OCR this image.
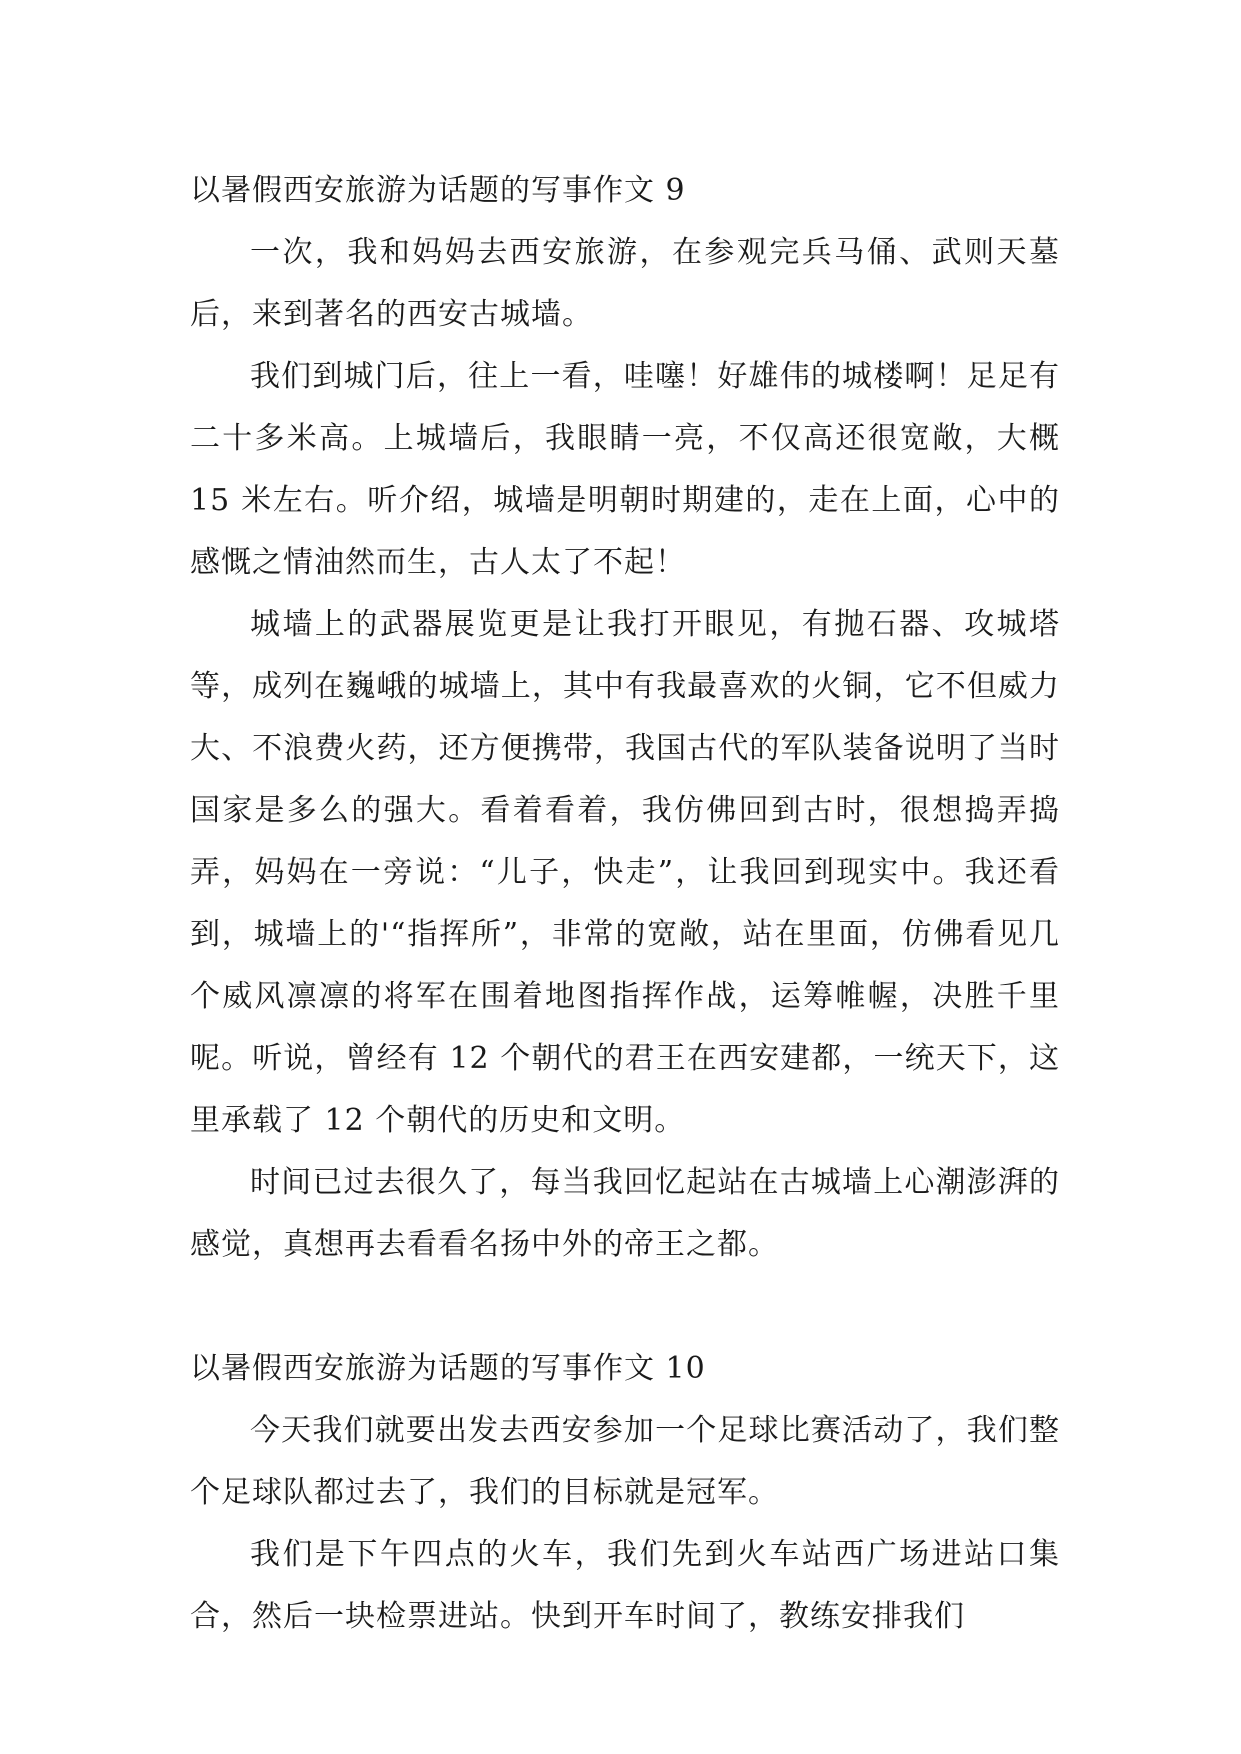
以暑假西安旅游为话题的写事作文 9

一次，我和妈妈去西安旅游，在参观完兵马俑、武则天墓后，来到著名的西安古城墙。

我们到城门后，往上一看，哇噻！好雄伟的城楼啊！足足有二十多米高。上城墙后，我眼睛一亮，不仅高还很宽敞，大概 15 米左右。听介绍，城墙是明朝时期建的，走在上面，心中的感慨之情油然而生，古人太了不起！

城墙上的武器展览更是让我打开眼见，有抛石器、攻城塔等，成列在巍峨的城墙上，其中有我最喜欢的火铜，它不但威力大、不浪费火药，还方便携带，我国古代的军队装备说明了当时国家是多么的强大。看着看着，我仿佛回到古时，很想捣弄捣弄，妈妈在一旁说：“儿子，快走”，让我回到现实中。我还看到，城墙上的'“指挥所”，非常的宽敞，站在里面，仿佛看见几个威风凛凛的将军在围着地图指挥作战，运筹帷幄，决胜千里呢。听说，曾经有 12 个朝代的君王在西安建都，一统天下，这里承载了 12 个朝代的历史和文明。

时间已过去很久了，每当我回忆起站在古城墙上心潮澎湃的感觉，真想再去看看名扬中外的帝王之都。

以暑假西安旅游为话题的写事作文 10

今天我们就要出发去西安参加一个足球比赛活动了，我们整个足球队都过去了，我们的目标就是冠军。

我们是下午四点的火车，我们先到火车站西广场进站口集合，然后一块检票进站。快到开车时间了，教练安排我们
